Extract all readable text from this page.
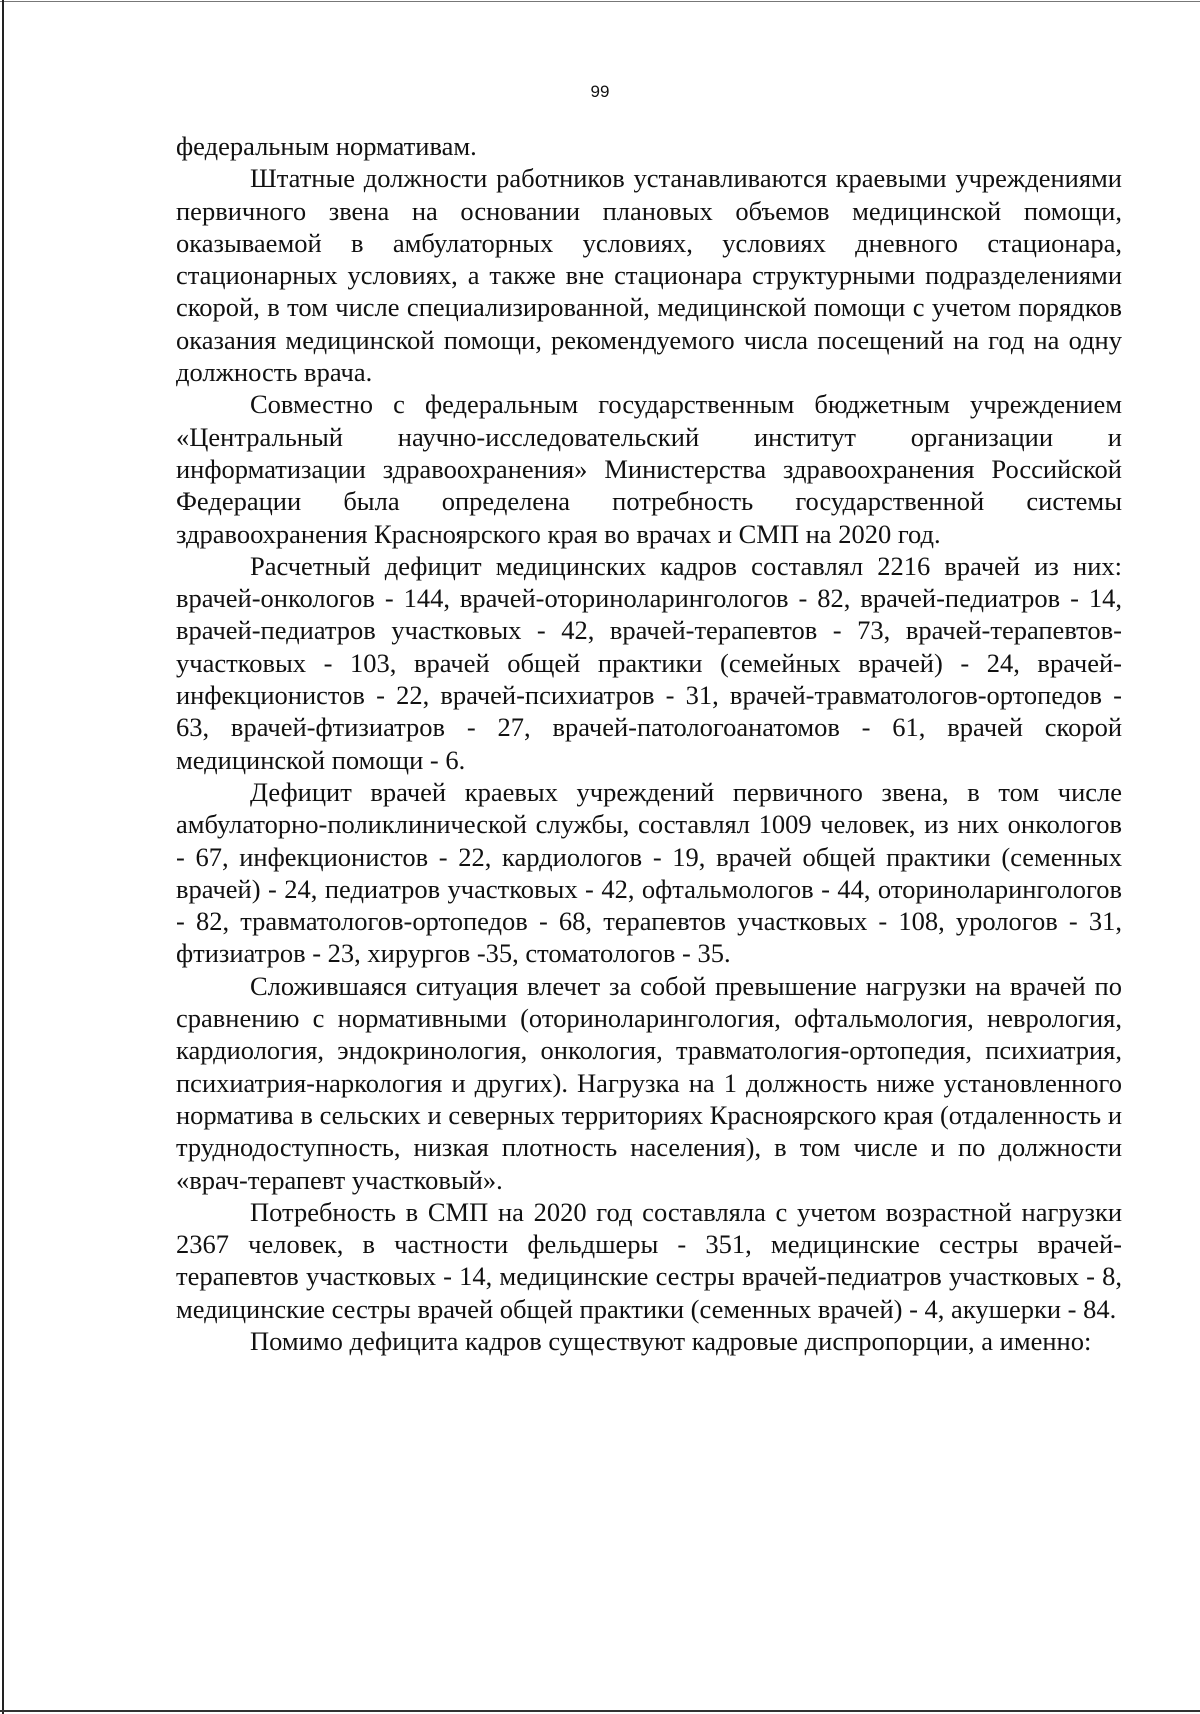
99

федеральным нормативам.

Штатные должности работников устанавливаются краевыми учреждениями первичного звена на основании плановых объемов медицинской помощи, оказываемой в амбулаторных условиях, условиях дневного стационара, стационарных условиях, а также вне стационара структурными подразделениями скорой, в том числе специализированной, медицинской помощи с учетом порядков оказания медицинской помощи, рекомендуемого числа посещений на год на одну должность врача.

Совместно с федеральным государственным бюджетным учреждением «Центральный научно-исследовательский институт организации и информатизации здравоохранения» Министерства здравоохранения Российской Федерации была определена потребность государственной системы здравоохранения Красноярского края во врачах и СМП на 2020 год.

Расчетный дефицит медицинских кадров составлял 2216 врачей из них: врачей-онкологов - 144, врачей-оториноларингологов - 82, врачей-педиатров - 14, врачей-педиатров участковых - 42, врачей-терапевтов - 73, врачей-терапевтов-участковых - 103, врачей общей практики (семейных врачей) - 24, врачей-инфекционистов - 22, врачей-психиатров - 31, врачей-травматологов-ортопедов - 63, врачей-фтизиатров - 27, врачей-патологоанатомов - 61, врачей скорой медицинской помощи - 6.

Дефицит врачей краевых учреждений первичного звена, в том числе амбулаторно-поликлинической службы, составлял 1009 человек, из них онкологов - 67, инфекционистов - 22, кардиологов - 19, врачей общей практики (семенных врачей) - 24, педиатров участковых - 42, офтальмологов - 44, оториноларингологов - 82, травматологов-ортопедов - 68, терапевтов участковых - 108, урологов - 31, фтизиатров - 23, хирургов -35, стоматологов - 35.

Сложившаяся ситуация влечет за собой превышение нагрузки на врачей по сравнению с нормативными (оториноларингология, офтальмология, неврология, кардиология, эндокринология, онкология, травматология-ортопедия, психиатрия, психиатрия-наркология и других). Нагрузка на 1 должность ниже установленного норматива в сельских и северных территориях Красноярского края (отдаленность и труднодоступность, низкая плотность населения), в том числе и по должности «врач-терапевт участковый».

Потребность в СМП на 2020 год составляла с учетом возрастной нагрузки 2367 человек, в частности фельдшеры - 351, медицинские сестры врачей-терапевтов участковых - 14, медицинские сестры врачей-педиатров участковых - 8, медицинские сестры врачей общей практики (семенных врачей) - 4, акушерки - 84.

Помимо дефицита кадров существуют кадровые диспропорции, а именно:
